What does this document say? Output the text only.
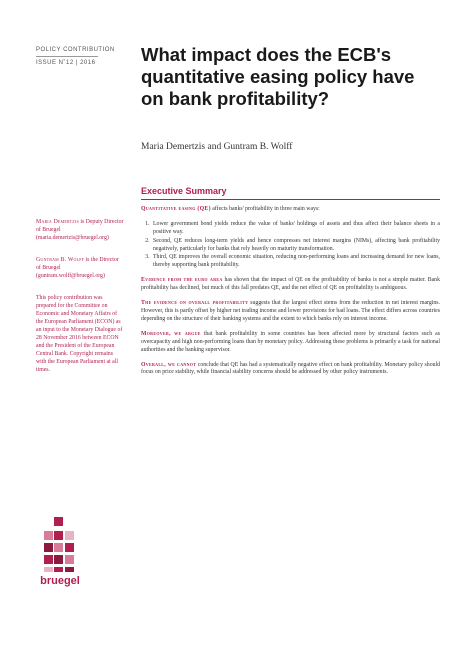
POLICY CONTRIBUTION
ISSUE N˚12 | 2016	What impact does the ECB's quantitative easing policy have on bank profitability?
Maria Demertzis and Guntram B. Wolff
Maria Demertzis is Deputy Director of Bruegel (maria.demertzis@bruegel.org)
Guntram B. Wolff is the Director of Bruegel (guntram.wolff@bruegel.org)
This policy contribution was prepared for the Committee on Economic and Monetary Affairs of the European Parliament (ECON) as an input to the Monetary Dialogue of 28 November 2016 between ECON and the President of the European Central Bank. Copyright remains with the European Parliament at all times.
Executive Summary

Quantitative easing (QE) affects banks' profitability in three main ways:

1. Lower government bond yields reduce the value of banks' holdings of assets and thus affect their balance sheets in a positive way.
2. Second, QE reduces long-term yields and hence compresses net interest margins (NIMs), affecting bank profitability negatively, particularly for banks that rely heavily on maturity transformation.
3. Third, QE improves the overall economic situation, reducing non-performing loans and increasing demand for new loans, thereby supporting bank profitability.

Evidence from the euro area has shown that the impact of QE on the profitability of banks is not a simple matter. Bank profitability has declined, but much of this fall predates QE, and the net effect of QE on profitability is ambiguous.

The evidence on overall profitability suggests that the largest effect stems from the reduction in net interest margins. However, this is partly offset by higher net trading income and lower provisions for bad loans. The effect differs across countries depending on the structure of their banking systems and the extent to which banks rely on interest income.

Moreover, we argue that bank profitability in some countries has been affected more by structural factors such as overcapacity and high non-performing loans than by monetary policy. Addressing these problems is primarily a task for national authorities and the banking supervisor.

Overall, we cannot conclude that QE has had a systematically negative effect on bank profitability. Monetary policy should focus on price stability, while financial stability concerns should be addressed by other policy instruments.

bruegel
